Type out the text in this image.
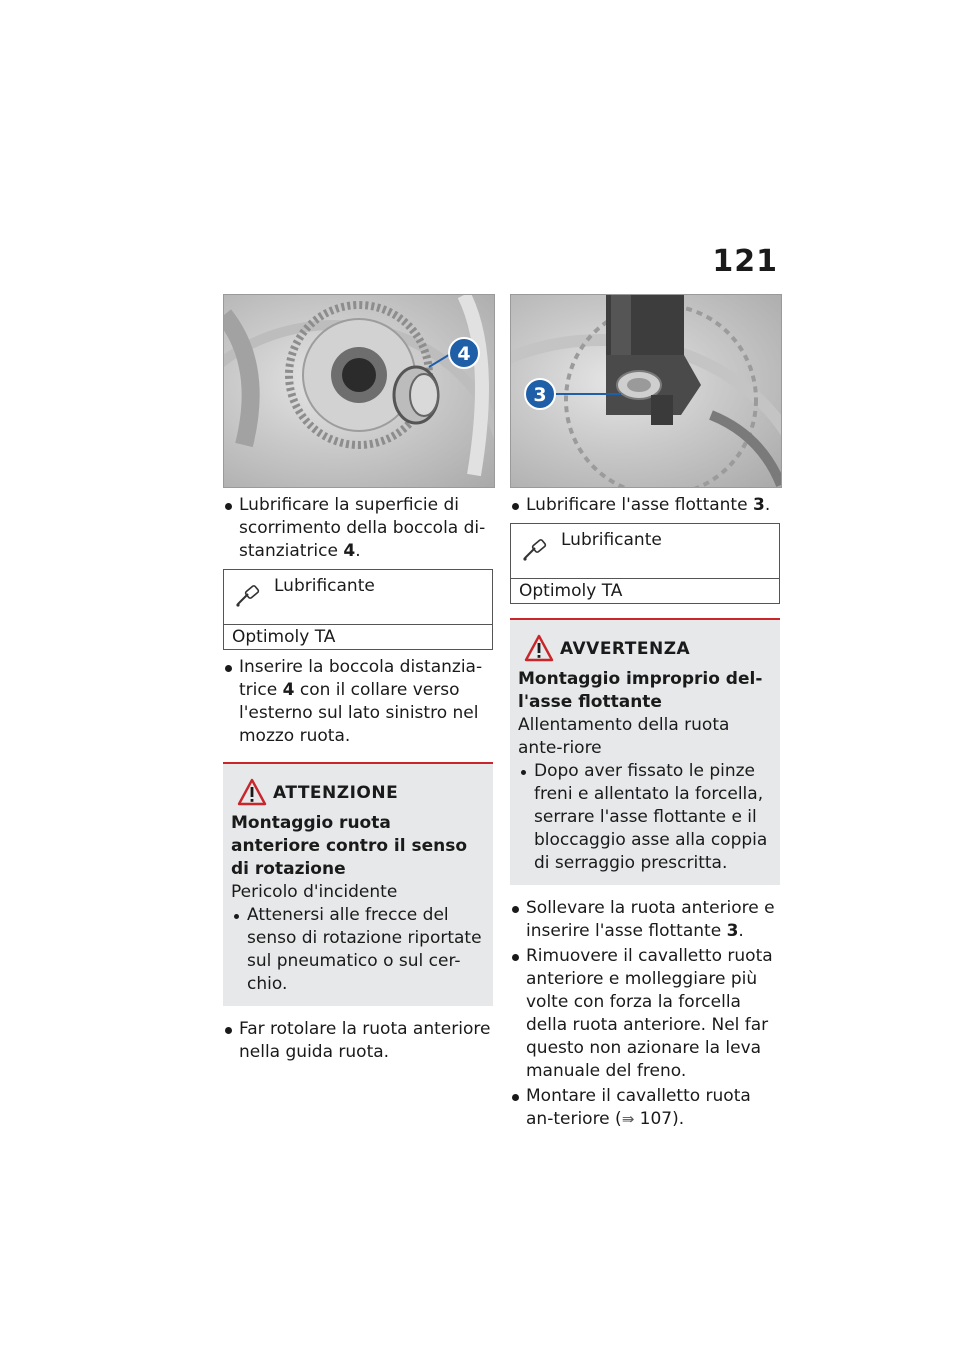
121
4
Lubrificare la superficie di scorrimento della boccola di-stanziatrice 4.
Lubrificante
Optimoly TA
Inserire la boccola distanzia-trice 4 con il collare verso l'esterno sul lato sinistro nel mozzo ruota.
ATTENZIONE
Montaggio ruota anteriore contro il senso di rotazione
Pericolo d'incidente
Attenersi alle frecce del senso di rotazione riportate sul pneumatico o sul cer-chio.
Far rotolare la ruota anteriore nella guida ruota.
3
Lubrificare l'asse flottante 3.
Lubrificante
Optimoly TA
AVVERTENZA
Montaggio improprio del-l'asse flottante
Allentamento della ruota ante-riore
Dopo aver fissato le pinze freni e allentato la forcella, serrare l'asse flottante e il bloccaggio asse alla coppia di serraggio prescritta.
Sollevare la ruota anteriore e inserire l'asse flottante 3.
Rimuovere il cavalletto ruota anteriore e molleggiare più volte con forza la forcella della ruota anteriore. Nel far questo non azionare la leva manuale del freno.
Montare il cavalletto ruota an-teriore (⇛ 107).
